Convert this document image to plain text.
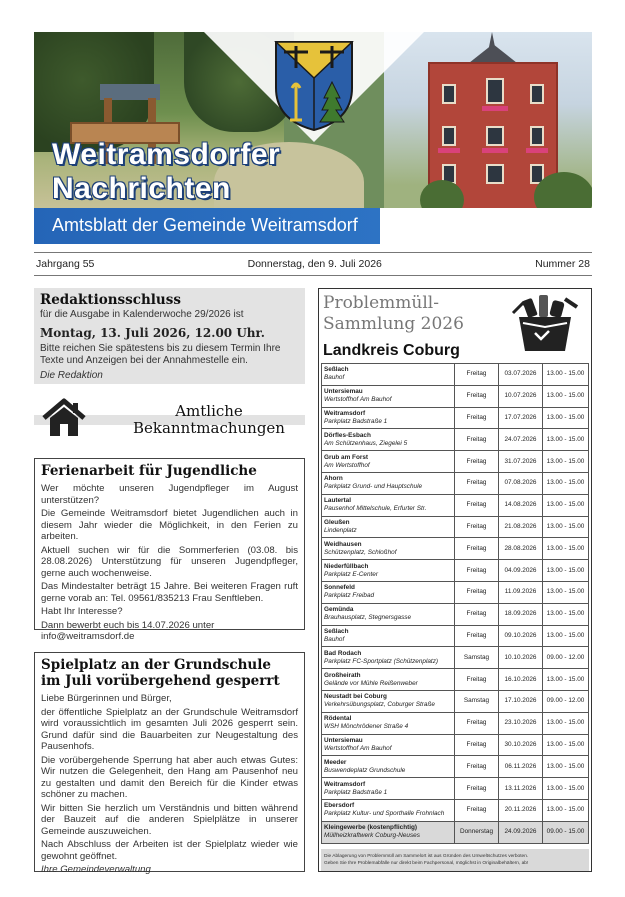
Weitramsdorfer
Nachrichten
Amtsblatt der Gemeinde Weitramsdorf
Jahrgang 55	Donnerstag, den 9. Juli 2026	Nummer 28
Redaktionsschluss
für die Ausgabe in Kalenderwoche 29/2026 ist
Montag, 13. Juli 2026, 12.00 Uhr.
Bitte reichen Sie spätestens bis zu diesem Termin Ihre Texte und Anzeigen bei der Annahmestelle ein.
Die Redaktion
Amtliche
Bekanntmachungen
Ferienarbeit für Jugendliche

Wer möchte unseren Jugendpfleger im August unterstützen?

Die Gemeinde Weitramsdorf bietet Jugendlichen auch in diesem Jahr wieder die Möglichkeit, in den Ferien zu arbeiten.

Aktuell suchen wir für die Sommerferien (03.08. bis 28.08.2026) Unterstützung für unseren Jugendpfleger, gerne auch wochenweise.

Das Mindestalter beträgt 15 Jahre. Bei weiteren Fragen ruft gerne vorab an: Tel. 09561/835213 Frau Senftleben.

Habt Ihr Interesse?

Dann bewerbt euch bis 14.07.2026 unter info@weitramsdorf.de

Spielplatz an der Grundschule
im Juli vorübergehend gesperrt

Liebe Bürgerinnen und Bürger,

der öffentliche Spielplatz an der Grundschule Weitramsdorf wird voraussichtlich im gesamten Juli 2026 gesperrt sein. Grund dafür sind die Bauarbeiten zur Neugestaltung des Pausenhofs.

Die vorübergehende Sperrung hat aber auch etwas Gutes: Wir nutzen die Gelegenheit, den Hang am Pausenhof neu zu gestalten und damit den Bereich für die Kinder etwas schöner zu machen.

Wir bitten Sie herzlich um Verständnis und bitten während der Bauzeit auf die anderen Spielplätze in unserer Gemeinde auszuweichen.

Nach Abschluss der Arbeiten ist der Spielplatz wieder wie gewohnt geöffnet.

Ihre Gemeindeverwaltung

Problemmüll-
Sammlung 2026
Landkreis Coburg
Seßlach
Bauhof	Freitag	03.07.2026	13.00 - 15.00

Untersiemau
Wertstoffhof Am Bauhof	Freitag	10.07.2026	13.00 - 15.00

Weitramsdorf
Parkplatz Badstraße 1	Freitag	17.07.2026	13.00 - 15.00

Dörfles-Esbach
Am Schützenhaus, Ziegelei 5	Freitag	24.07.2026	13.00 - 15.00

Grub am Forst
Am Wertstoffhof	Freitag	31.07.2026	13.00 - 15.00

Ahorn
Parkplatz Grund- und Hauptschule	Freitag	07.08.2026	13.00 - 15.00

Lautertal
Pausenhof Mittelschule, Erfurter Str.	Freitag	14.08.2026	13.00 - 15.00

Gleußen
Lindenplatz	Freitag	21.08.2026	13.00 - 15.00

Weidhausen
Schützenplatz, Schloßhof	Freitag	28.08.2026	13.00 - 15.00

Niederfüllbach
Parkplatz E-Center	Freitag	04.09.2026	13.00 - 15.00

Sonnefeld
Parkplatz Freibad	Freitag	11.09.2026	13.00 - 15.00

Gemünda
Brauhausplatz, Stegnersgasse	Freitag	18.09.2026	13.00 - 15.00

Seßlach
Bauhof	Freitag	09.10.2026	13.00 - 15.00

Bad Rodach
Parkplatz FC-Sportplatz (Schützenplatz)	Samstag	10.10.2026	09.00 - 12.00

Großheirath
Gelände vor Mühle Reißenweber	Freitag	16.10.2026	13.00 - 15.00

Neustadt bei Coburg
Verkehrsübungsplatz, Coburger Straße	Samstag	17.10.2026	09.00 - 12.00

Rödental
WSH Mönchrödener Straße 4	Freitag	23.10.2026	13.00 - 15.00

Untersiemau
Wertstoffhof Am Bauhof	Freitag	30.10.2026	13.00 - 15.00

Meeder
Buswendeplatz Grundschule	Freitag	06.11.2026	13.00 - 15.00

Weitramsdorf
Parkplatz Badstraße 1	Freitag	13.11.2026	13.00 - 15.00

Ebersdorf
Parkplatz Kultur- und Sporthalle Frohnlach	Freitag	20.11.2026	13.00 - 15.00

Kleingewerbe (kostenpflichtig)
Müllheizkraftwerk Coburg-Neuses	Donnerstag	24.09.2026	09.00 - 15.00
Die Ablagerung von Problemmüll am Sammelort ist aus Gründen des Umweltschutzes verboten.
Geben Sie Ihre Problemabfälle nur direkt beim Fachpersonal, möglichst in Originalbehältern, ab!
